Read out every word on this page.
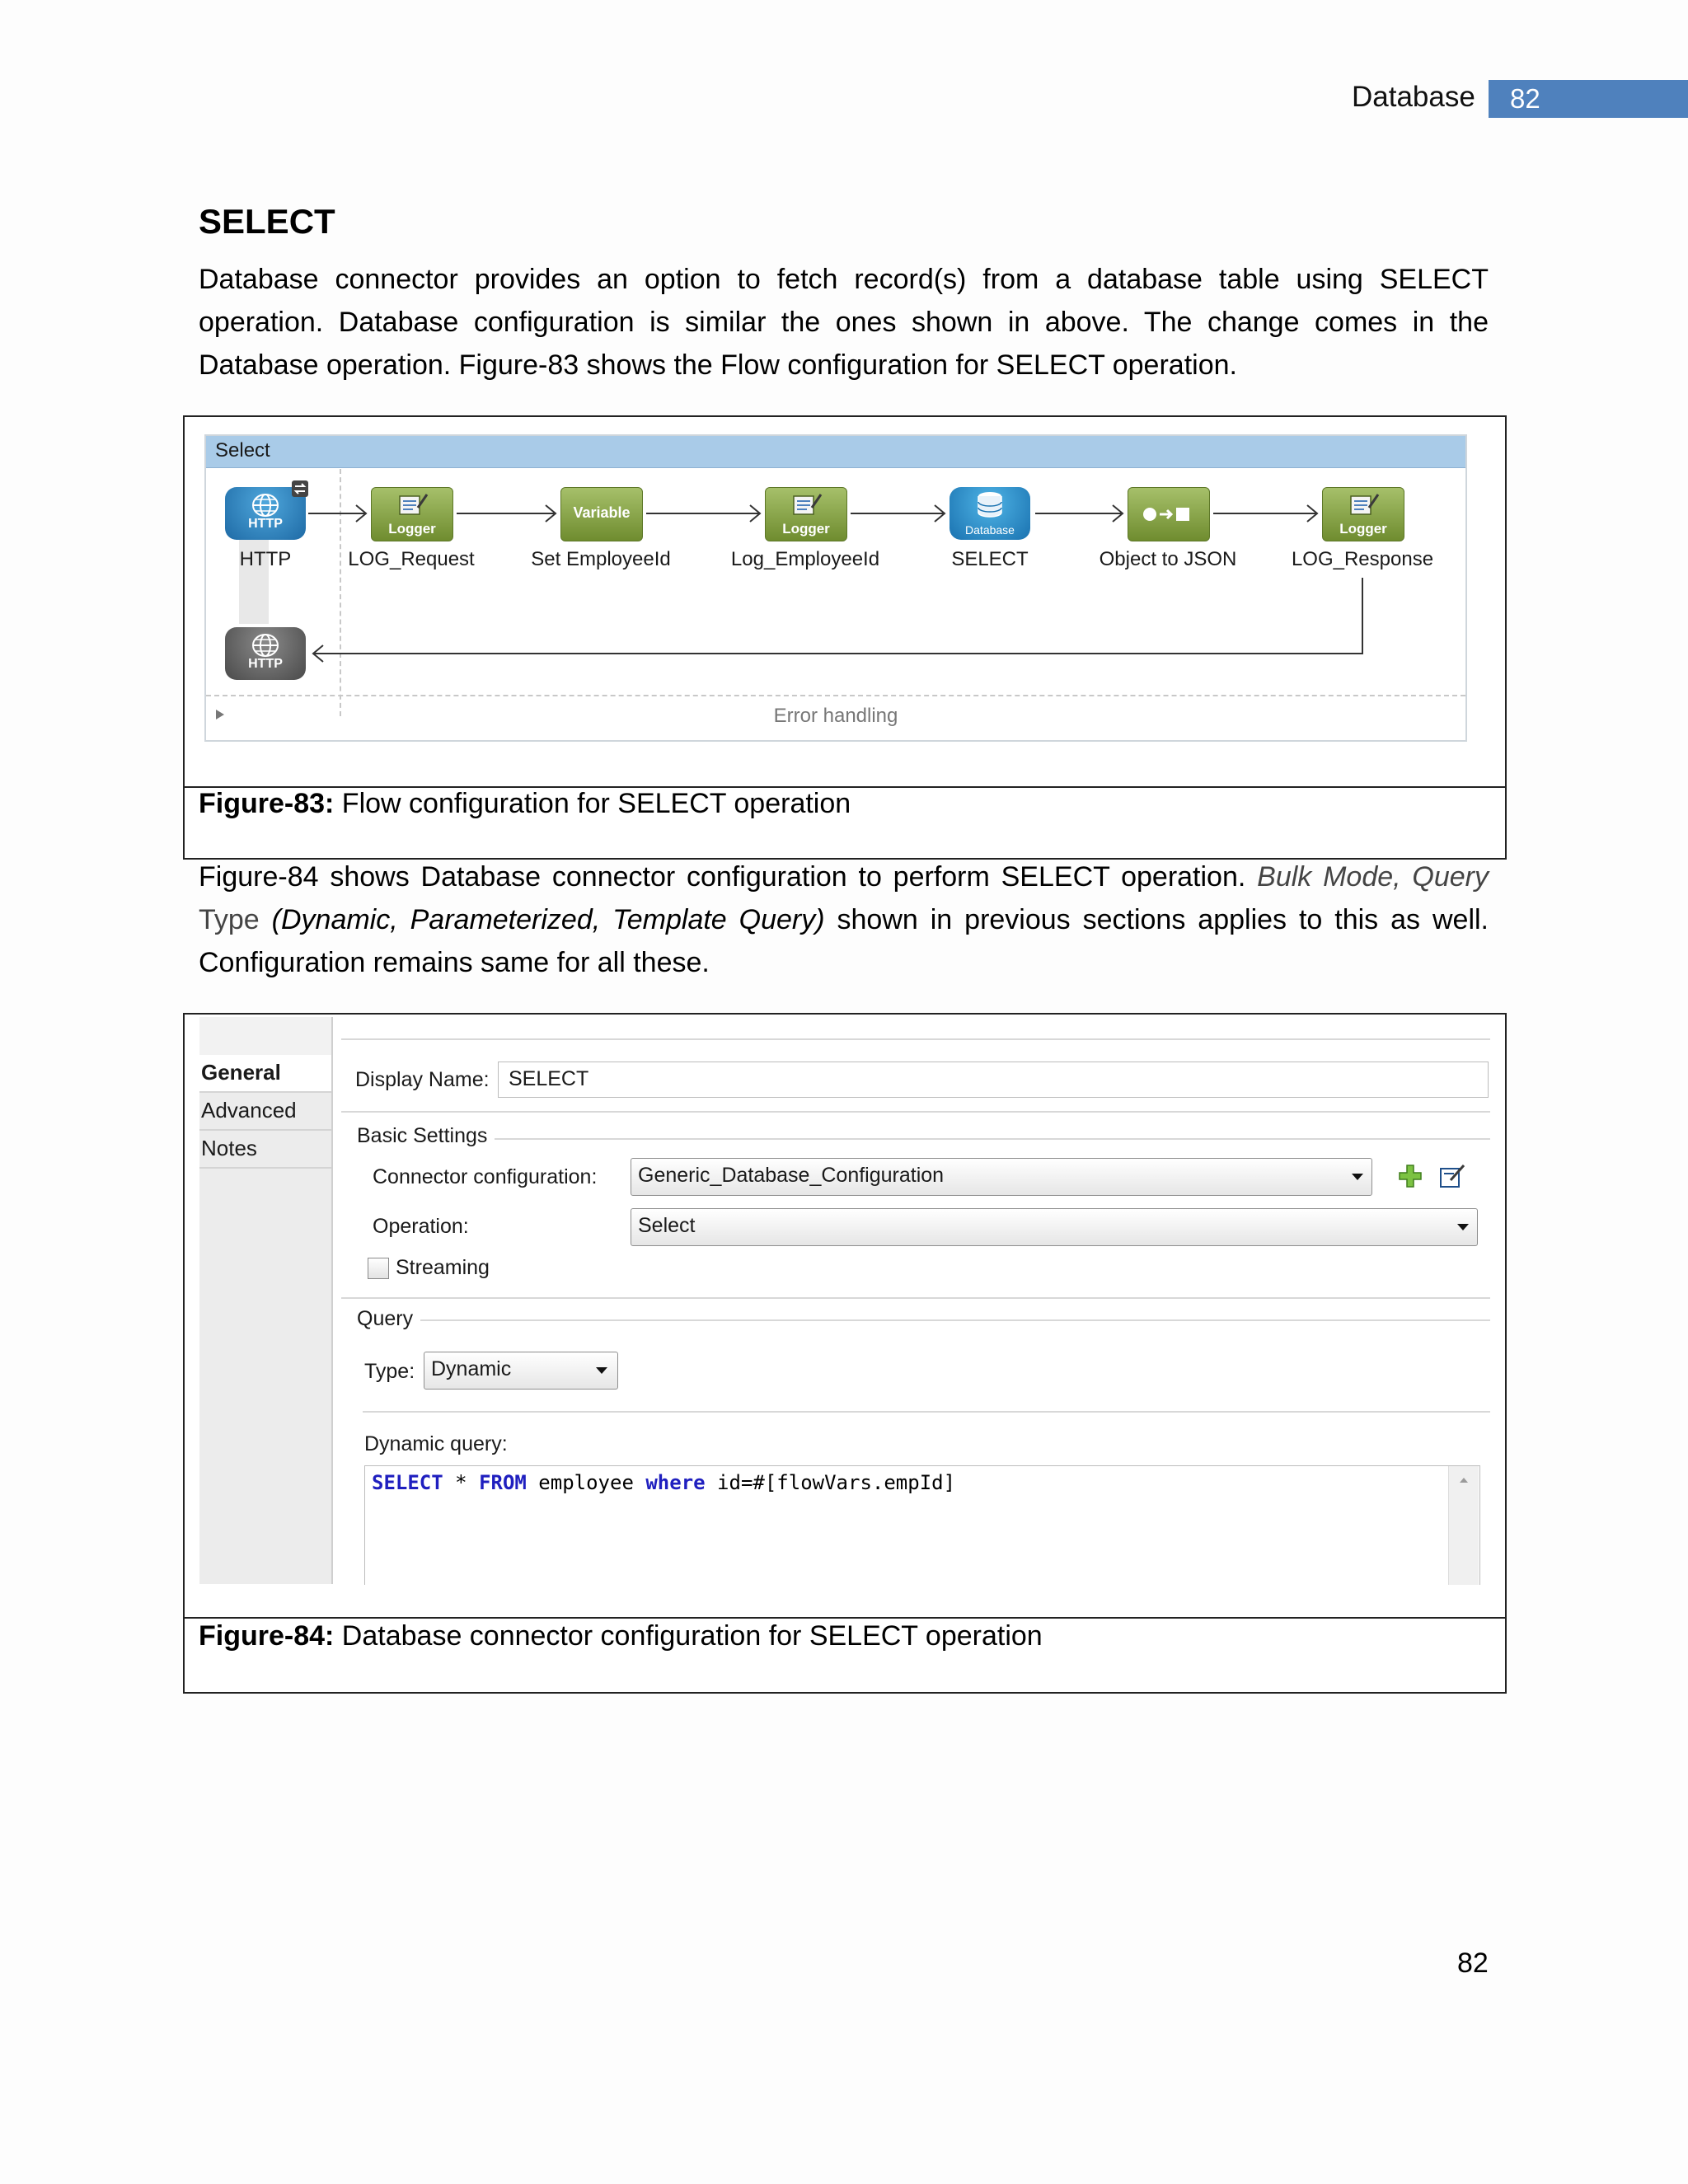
Database 82
SELECT

Database connector provides an option to fetch record(s) from a database table using SELECT operation. Database configuration is similar the ones shown in above. The change comes in the Database operation. Figure-83 shows the Flow configuration for SELECT operation.

Select
HTTP
HTTP
Logger
LOG_Request
Variable
Set EmployeeId
Logger
Log_EmployeeId
Database
SELECT	Object to JSON
Logger
LOG_Response
HTTP
Error handling
Figure-83: Flow configuration for SELECT operation

Figure-84 shows Database connector configuration to perform SELECT operation. Bulk Mode, Query Type (Dynamic, Parameterized, Template Query) shown in previous sections applies to this as well. Configuration remains same for all these.

General
Advanced
Notes
Display Name: SELECT
Basic Settings
Connector configuration: Generic_Database_Configuration
Operation:	Select
Streaming
Query
Type: Dynamic
Dynamic query:
SELECT * FROM employee where id=#[flowVars.empId]
Figure-84: Database connector configuration for SELECT operation
82
